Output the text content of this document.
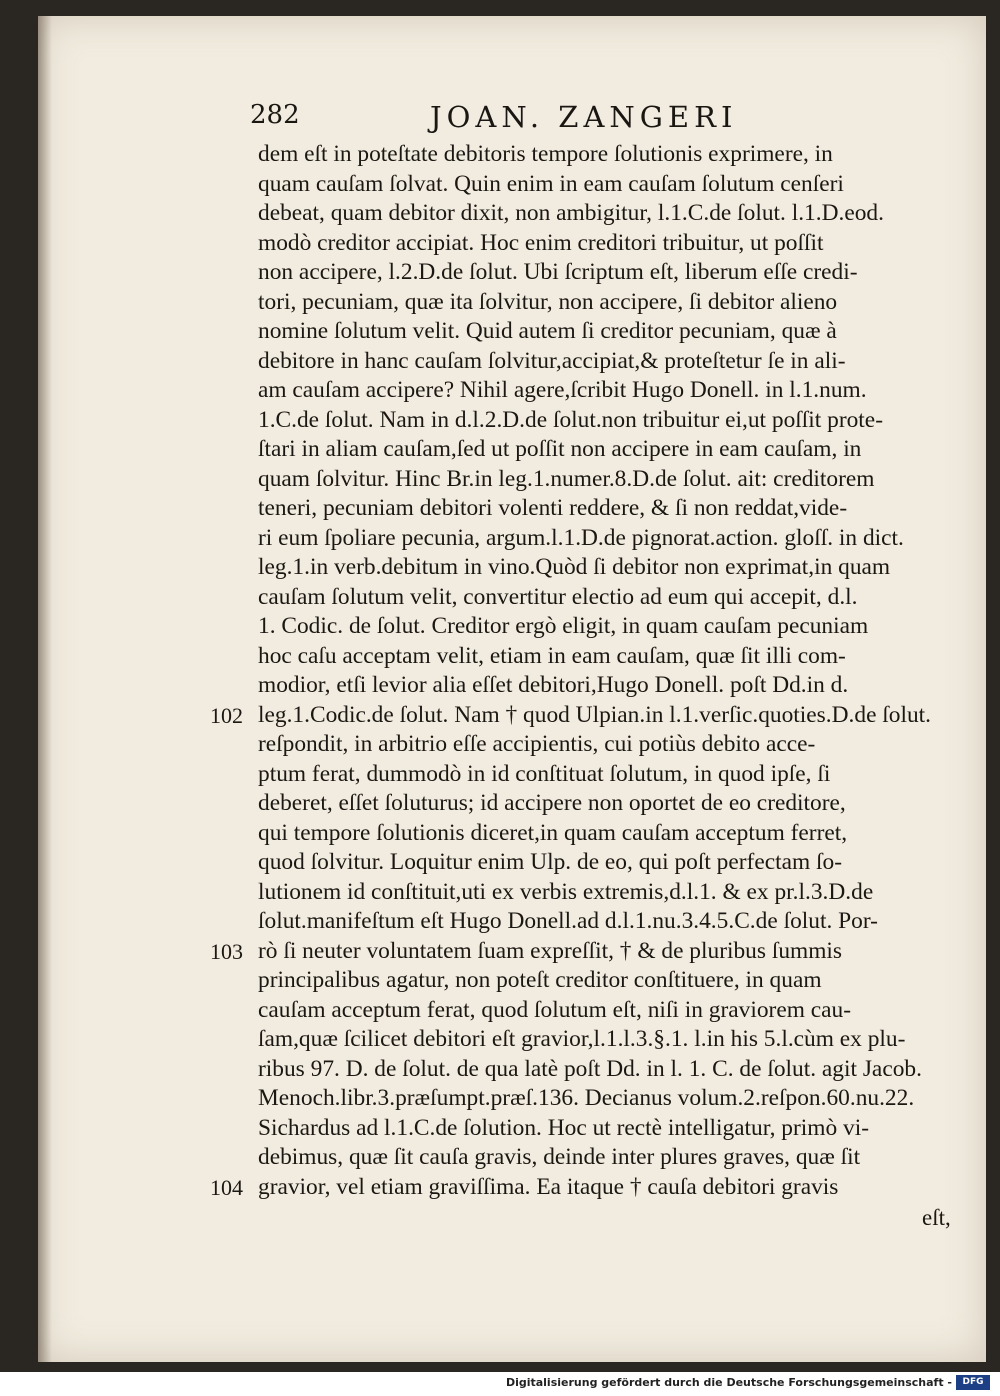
282	JOAN. ZANGERI
dem eſt in poteſtate debitoris tempore ſolutionis exprimere, in
quam cauſam ſolvat. Quin enim in eam cauſam ſolutum cenſeri
debeat, quam debitor dixit, non ambigitur, l.1.C.de ſolut. l.1.D.eod.
modò creditor accipiat. Hoc enim creditori tribuitur, ut poſſit
non accipere, l.2.D.de ſolut. Ubi ſcriptum eſt, liberum eſſe credi-
tori, pecuniam, quæ ita ſolvitur, non accipere, ſi debitor alieno
nomine ſolutum velit. Quid autem ſi creditor pecuniam, quæ à
debitore in hanc cauſam ſolvitur,accipiat,& proteſtetur ſe in ali-
am cauſam accipere? Nihil agere,ſcribit Hugo Donell. in l.1.num.
1.C.de ſolut. Nam in d.l.2.D.de ſolut.non tribuitur ei,ut poſſit prote-
ſtari in aliam cauſam,ſed ut poſſit non accipere in eam cauſam, in
quam ſolvitur. Hinc Br.in leg.1.numer.8.D.de ſolut. ait: creditorem
teneri, pecuniam debitori volenti reddere, & ſi non reddat,vide-
ri eum ſpoliare pecunia, argum.l.1.D.de pignorat.action. gloſſ. in dict.
leg.1.in verb.debitum in vino.Quòd ſi debitor non exprimat,in quam
cauſam ſolutum velit, convertitur electio ad eum qui accepit, d.l.
1. Codic. de ſolut. Creditor ergò eligit, in quam cauſam pecuniam
hoc caſu acceptam velit, etiam in eam cauſam, quæ ſit illi com-
modior, etſi levior alia eſſet debitori,Hugo Donell. poſt Dd.in d.
leg.1.Codic.de ſolut. Nam † quod Ulpian.in l.1.verſic.quoties.D.de ſolut.
reſpondit, in arbitrio eſſe accipientis, cui potiùs debito acce-
ptum ferat, dummodò in id conſtituat ſolutum, in quod ipſe, ſi
deberet, eſſet ſoluturus; id accipere non oportet de eo creditore,
qui tempore ſolutionis diceret,in quam cauſam acceptum ferret,
quod ſolvitur. Loquitur enim Ulp. de eo, qui poſt perfectam ſo-
lutionem id conſtituit,uti ex verbis extremis,d.l.1. & ex pr.l.3.D.de
ſolut.manifeſtum eſt Hugo Donell.ad d.l.1.nu.3.4.5.C.de ſolut. Por-
rò ſi neuter voluntatem ſuam expreſſit, † & de pluribus ſummis
principalibus agatur, non poteſt creditor conſtituere, in quam
cauſam acceptum ferat, quod ſolutum eſt, niſi in graviorem cau-
ſam,quæ ſcilicet debitori eſt gravior,l.1.l.3.§.1. l.in his 5.l.cùm ex plu-
ribus 97. D. de ſolut. de qua latè poſt Dd. in l. 1. C. de ſolut. agit Jacob.
Menoch.libr.3.præſumpt.præſ.136. Decianus volum.2.reſpon.60.nu.22.
Sichardus ad l.1.C.de ſolution. Hoc ut rectè intelligatur, primò vi-
debimus, quæ ſit cauſa gravis, deinde inter plures graves, quæ ſit
gravior, vel etiam graviſſima. Ea itaque † cauſa debitori gravis
102
103
104
eſt,
Digitalisierung gefördert durch die Deutsche Forschungsgemeinschaft -	DFG
